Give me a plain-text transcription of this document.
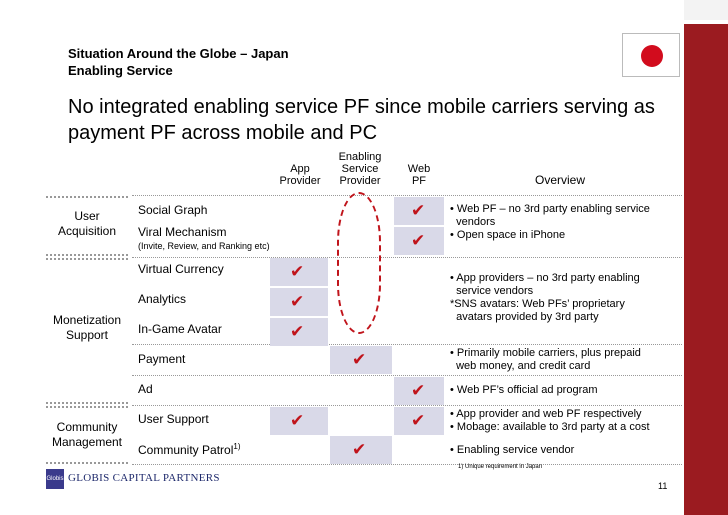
Situation Around the Globe – Japan
Enabling Service
No integrated enabling service PF since mobile carriers serving as payment PF across mobile and PC
App
Provider
Enabling
Service
Provider
Web
PF	Overview
User
Acquisition
Monetization
Support
Community
Management
Social Graph
Viral Mechanism
(Invite, Review, and Ranking etc)
Virtual Currency
Analytics
In-Game Avatar
Payment
Ad
User Support
Community Patrol$^{1)}$
✔
✔
✔
✔
✔
✔
✔
✔	✔
✔
• Web PF – no 3rd party enabling service
vendors
• Open space in iPhone
• App providers – no 3rd party enabling
service vendors
*SNS avatars: Web PFs’ proprietary
avatars provided by 3rd party
• Primarily mobile carriers, plus prepaid
web money, and credit card
• Web PF’s official ad program
• App provider and web PF respectively
• Mobage: available to 3rd party at a cost
• Enabling service vendor
1) Unique requirement in Japan
Globis GLOBIS CAPITAL PARTNERS
11
